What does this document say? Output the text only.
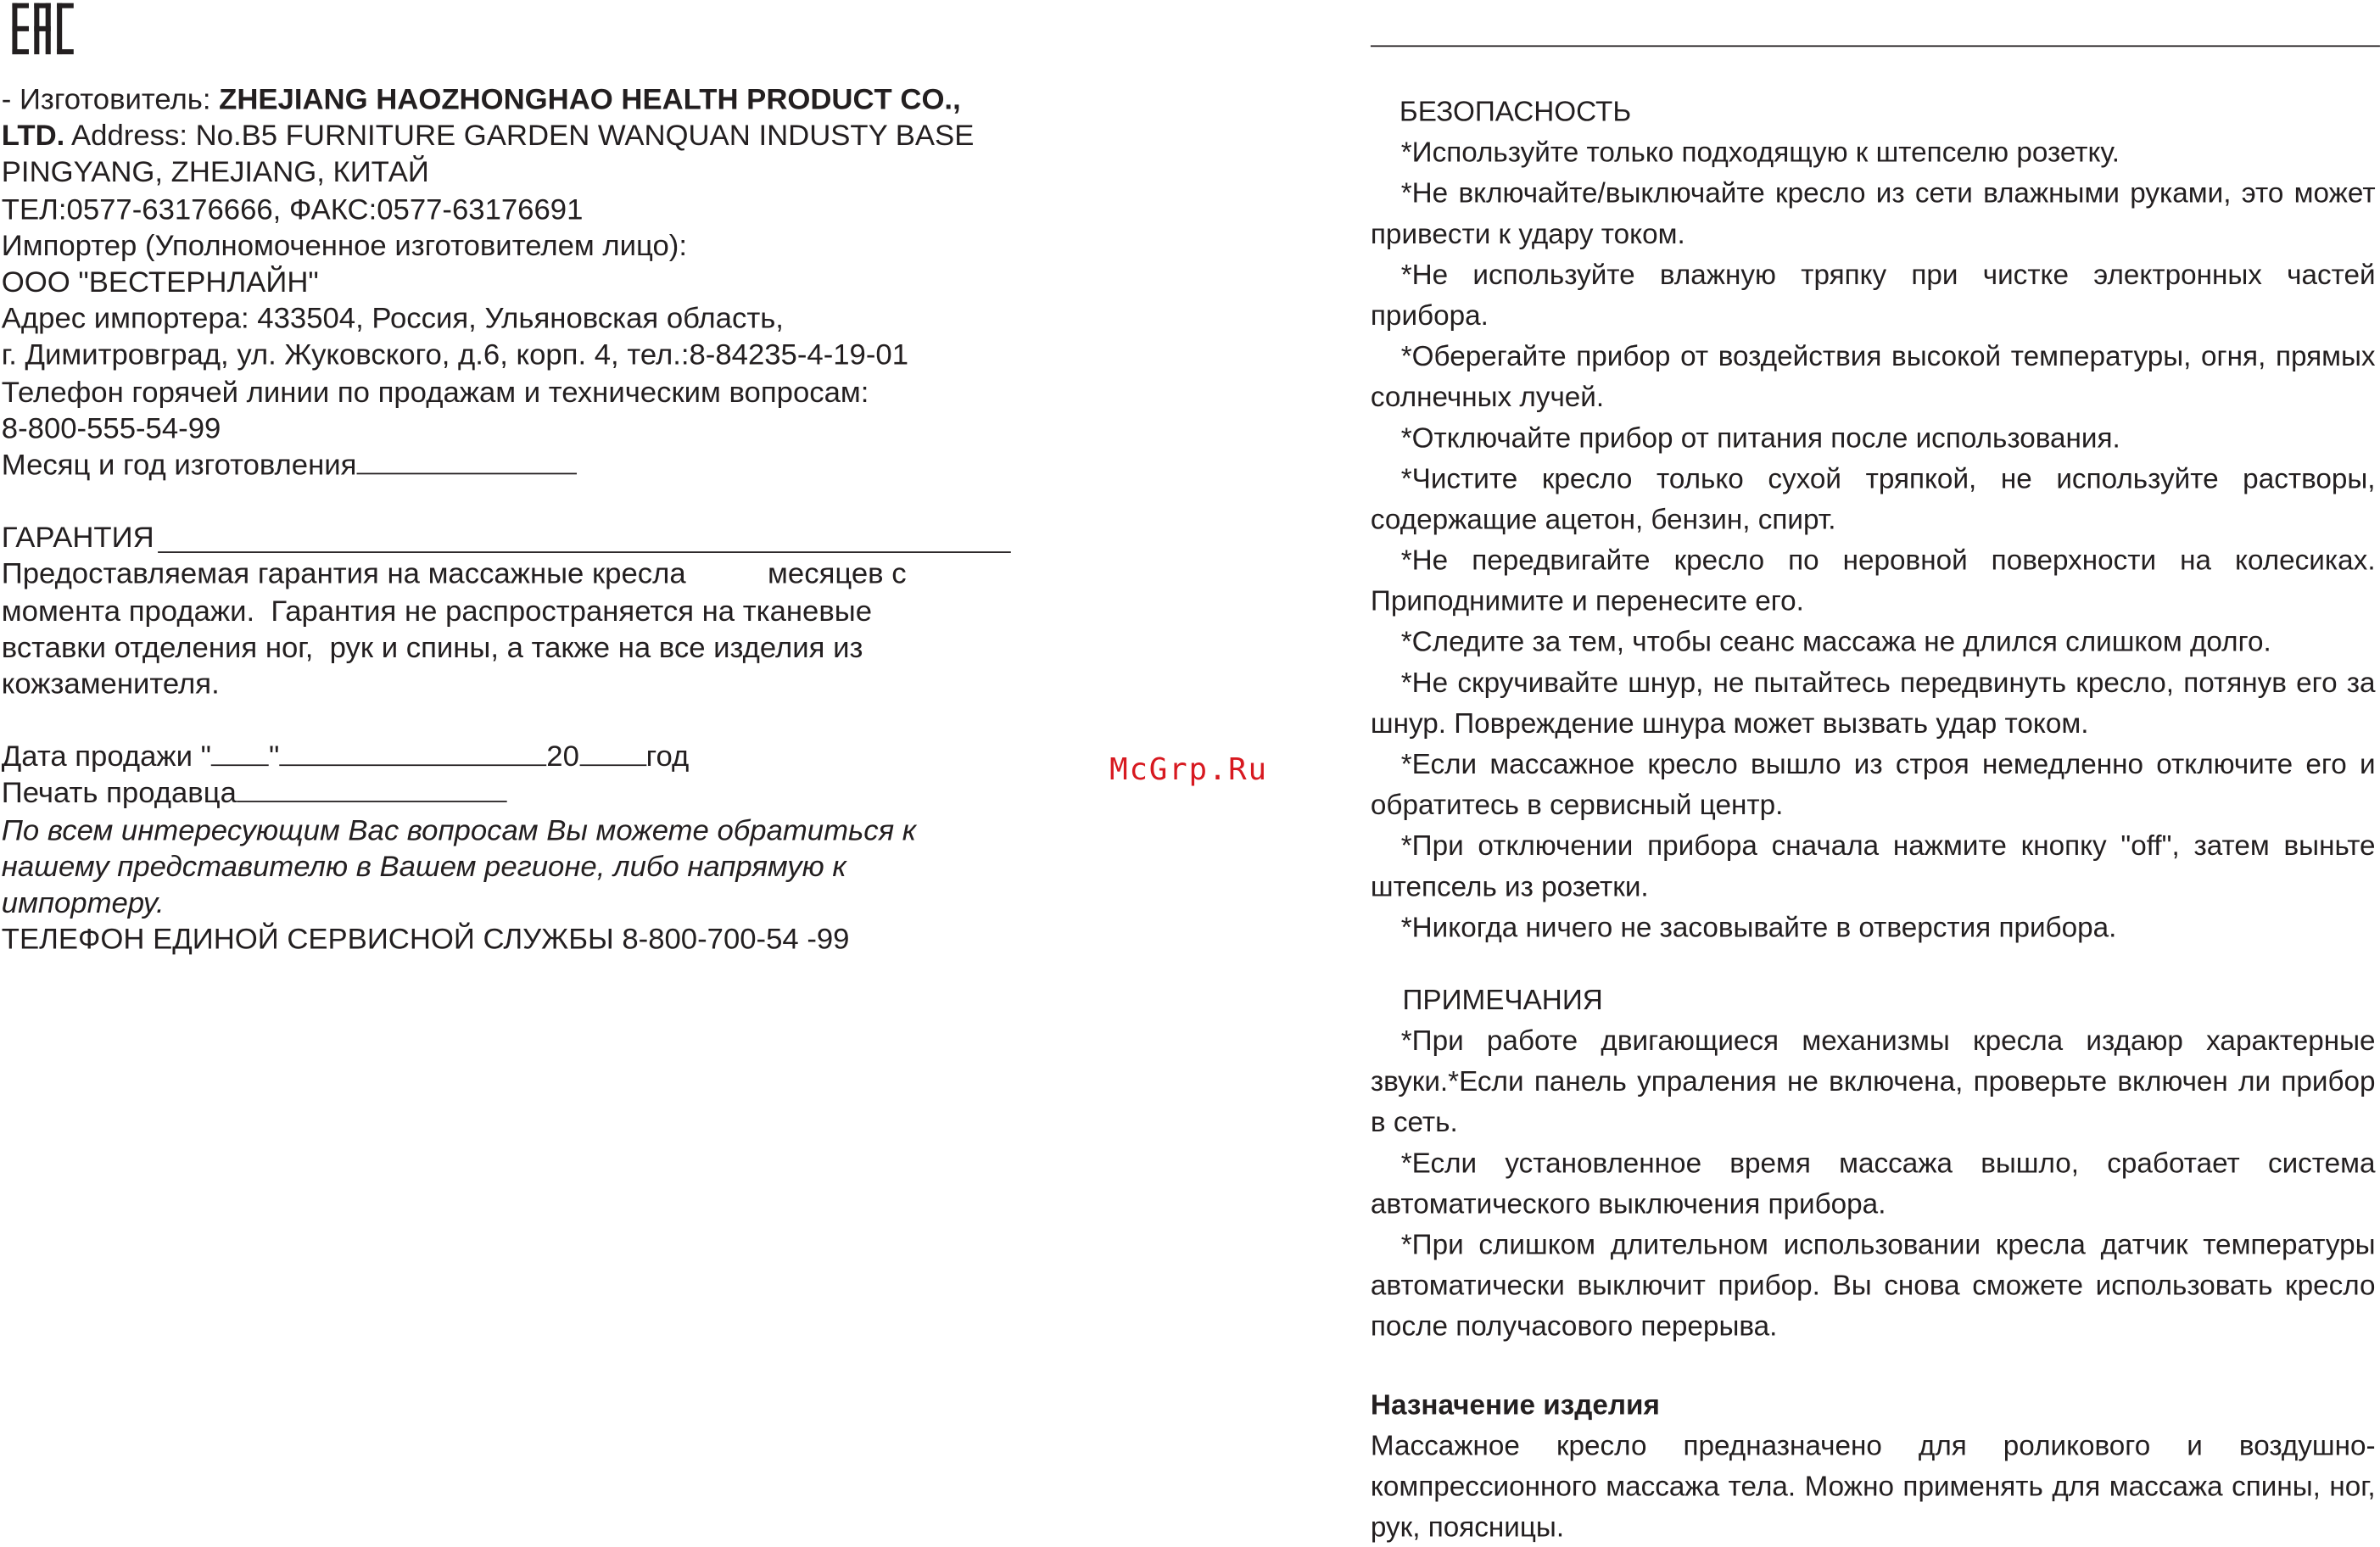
- Изготовитель: ZHEJIANG HAOZHONGHAO HEALTH PRODUCT CO., LTD. Address: No.B5 FURNITURE GARDEN WANQUAN INDUSTY BASE PINGYANG, ZHEJIANG, КИТАЙ

ТЕЛ:0577-63176666, ФАКС:0577-63176691

Импортер (Уполномоченное изготовителем лицо):

ООО "ВЕСТЕРНЛАЙН"

Адрес импортера: 433504, Россия, Ульяновская область,

г. Димитровград, ул. Жуковского, д.6, корп. 4, тел.:8-84235-4-19-01

Телефон горячей линии по продажам и техническим вопросам:

8-800-555-54-99

Месяц и год изготовления

ГАРАНТИЯ

Предоставляемая гарантия на массажные кресла          месяцев с момента продажи.  Гарантия не распространяется на тканевые вставки отделения ног,  рук и спины, а также на все изделия из кожзаменителя.

Дата продажи "	"	20	год

Печать продавца

По всем интересующим Вас вопросам Вы можете обратиться к нашему представителю в Вашем регионе, либо напрямую к импортеру.

ТЕЛЕФОН ЕДИНОЙ СЕРВИСНОЙ СЛУЖБЫ 8-800-700-54 -99

McGrp.Ru

БЕЗОПАСНОСТЬ

*Используйте только подходящую к штепселю розетку.

*Не включайте/выключайте кресло из сети влажными руками, это может привести к удару током.

*Не используйте влажную тряпку при чистке электронных частей прибора.

*Оберегайте прибор от воздействия высокой температуры, огня, прямых солнечных лучей.

*Отключайте прибор от питания после использования.

*Чистите кресло только сухой тряпкой, не используйте растворы, содержащие ацетон, бензин, спирт.

*Не передвигайте кресло по неровной поверхности на колесиках. Приподнимите и перенесите его.

*Следите за тем, чтобы сеанс массажа не длился слишком долго.

*Не скручивайте шнур, не пытайтесь передвинуть кресло, потянув его за шнур. Повреждение шнура может вызвать удар током.

*Если массажное кресло вышло из строя немедленно отключите его и обратитесь в сервисный центр.

*При отключении прибора сначала нажмите кнопку "off", затем выньте штепсель из розетки.

*Никогда ничего не засовывайте в отверстия прибора.

ПРИМЕЧАНИЯ

*При работе двигающиеся механизмы кресла издаюр характерные звуки.*Если панель упраления не включена, проверьте включен ли прибор в сеть.

*Если установленное время массажа вышло, сработает система автоматического выключения прибора.

*При слишком длительном использовании кресла датчик температуры автоматически выключит прибор. Вы снова сможете использовать кресло после получасового перерыва.

Назначение изделия

Массажное кресло предназначено для роликового и воздушно-компрессионного массажа тела. Можно применять для массажа спины, ног, рук, поясницы.
